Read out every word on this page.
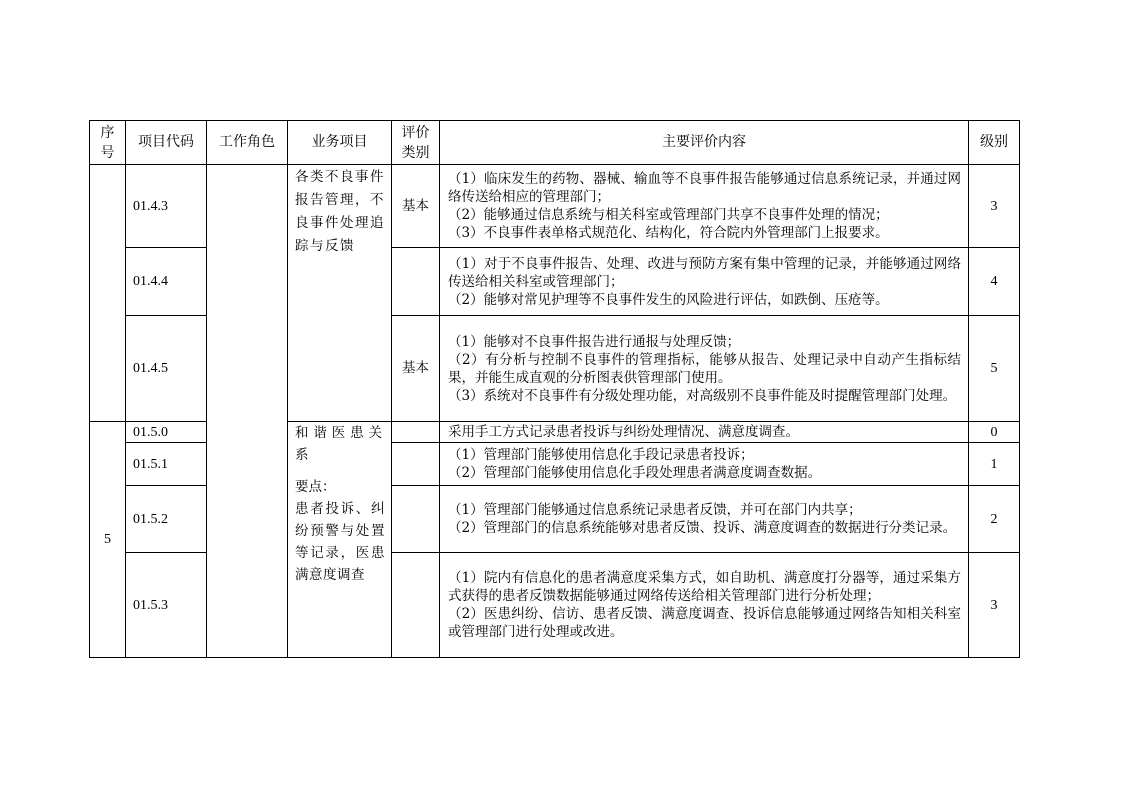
序号	项目代码	工作角色	业务项目	评价类别	主要评价内容	级别
	01.4.3		各类不良事件报告管理，不良事件处理追踪与反馈	基本	（1）临床发生的药物、器械、输血等不良事件报告能够通过信息系统记录，并通过网络传送给相应的管理部门；
（2）能够通过信息系统与相关科室或管理部门共享不良事件处理的情况；
（3）不良事件表单格式规范化、结构化，符合院内外管理部门上报要求。	3
	01.4.4				（1）对于不良事件报告、处理、改进与预防方案有集中管理的记录，并能够通过网络传送给相关科室或管理部门；
（2）能够对常见护理等不良事件发生的风险进行评估，如跌倒、压疮等。	4
	01.4.5			基本	（1）能够对不良事件报告进行通报与处理反馈；
（2）有分析与控制不良事件的管理指标，能够从报告、处理记录中自动产生指标结果，并能生成直观的分析图表供管理部门使用。
（3）系统对不良事件有分级处理功能，对高级别不良事件能及时提醒管理部门处理。	5
5	01.5.0		和谐医患关系
要点：
患者投诉、纠纷预警与处置等记录，医患满意度调查		采用手工方式记录患者投诉与纠纷处理情况、满意度调查。	0
	01.5.1				（1）管理部门能够使用信息化手段记录患者投诉；
（2）管理部门能够使用信息化手段处理患者满意度调查数据。	1
	01.5.2				（1）管理部门能够通过信息系统记录患者反馈，并可在部门内共享；
（2）管理部门的信息系统能够对患者反馈、投诉、满意度调查的数据进行分类记录。	2
	01.5.3				（1）院内有信息化的患者满意度采集方式，如自助机、满意度打分器等，通过采集方式获得的患者反馈数据能够通过网络传送给相关管理部门进行分析处理；
（2）医患纠纷、信访、患者反馈、满意度调查、投诉信息能够通过网络告知相关科室或管理部门进行处理或改进。	3
